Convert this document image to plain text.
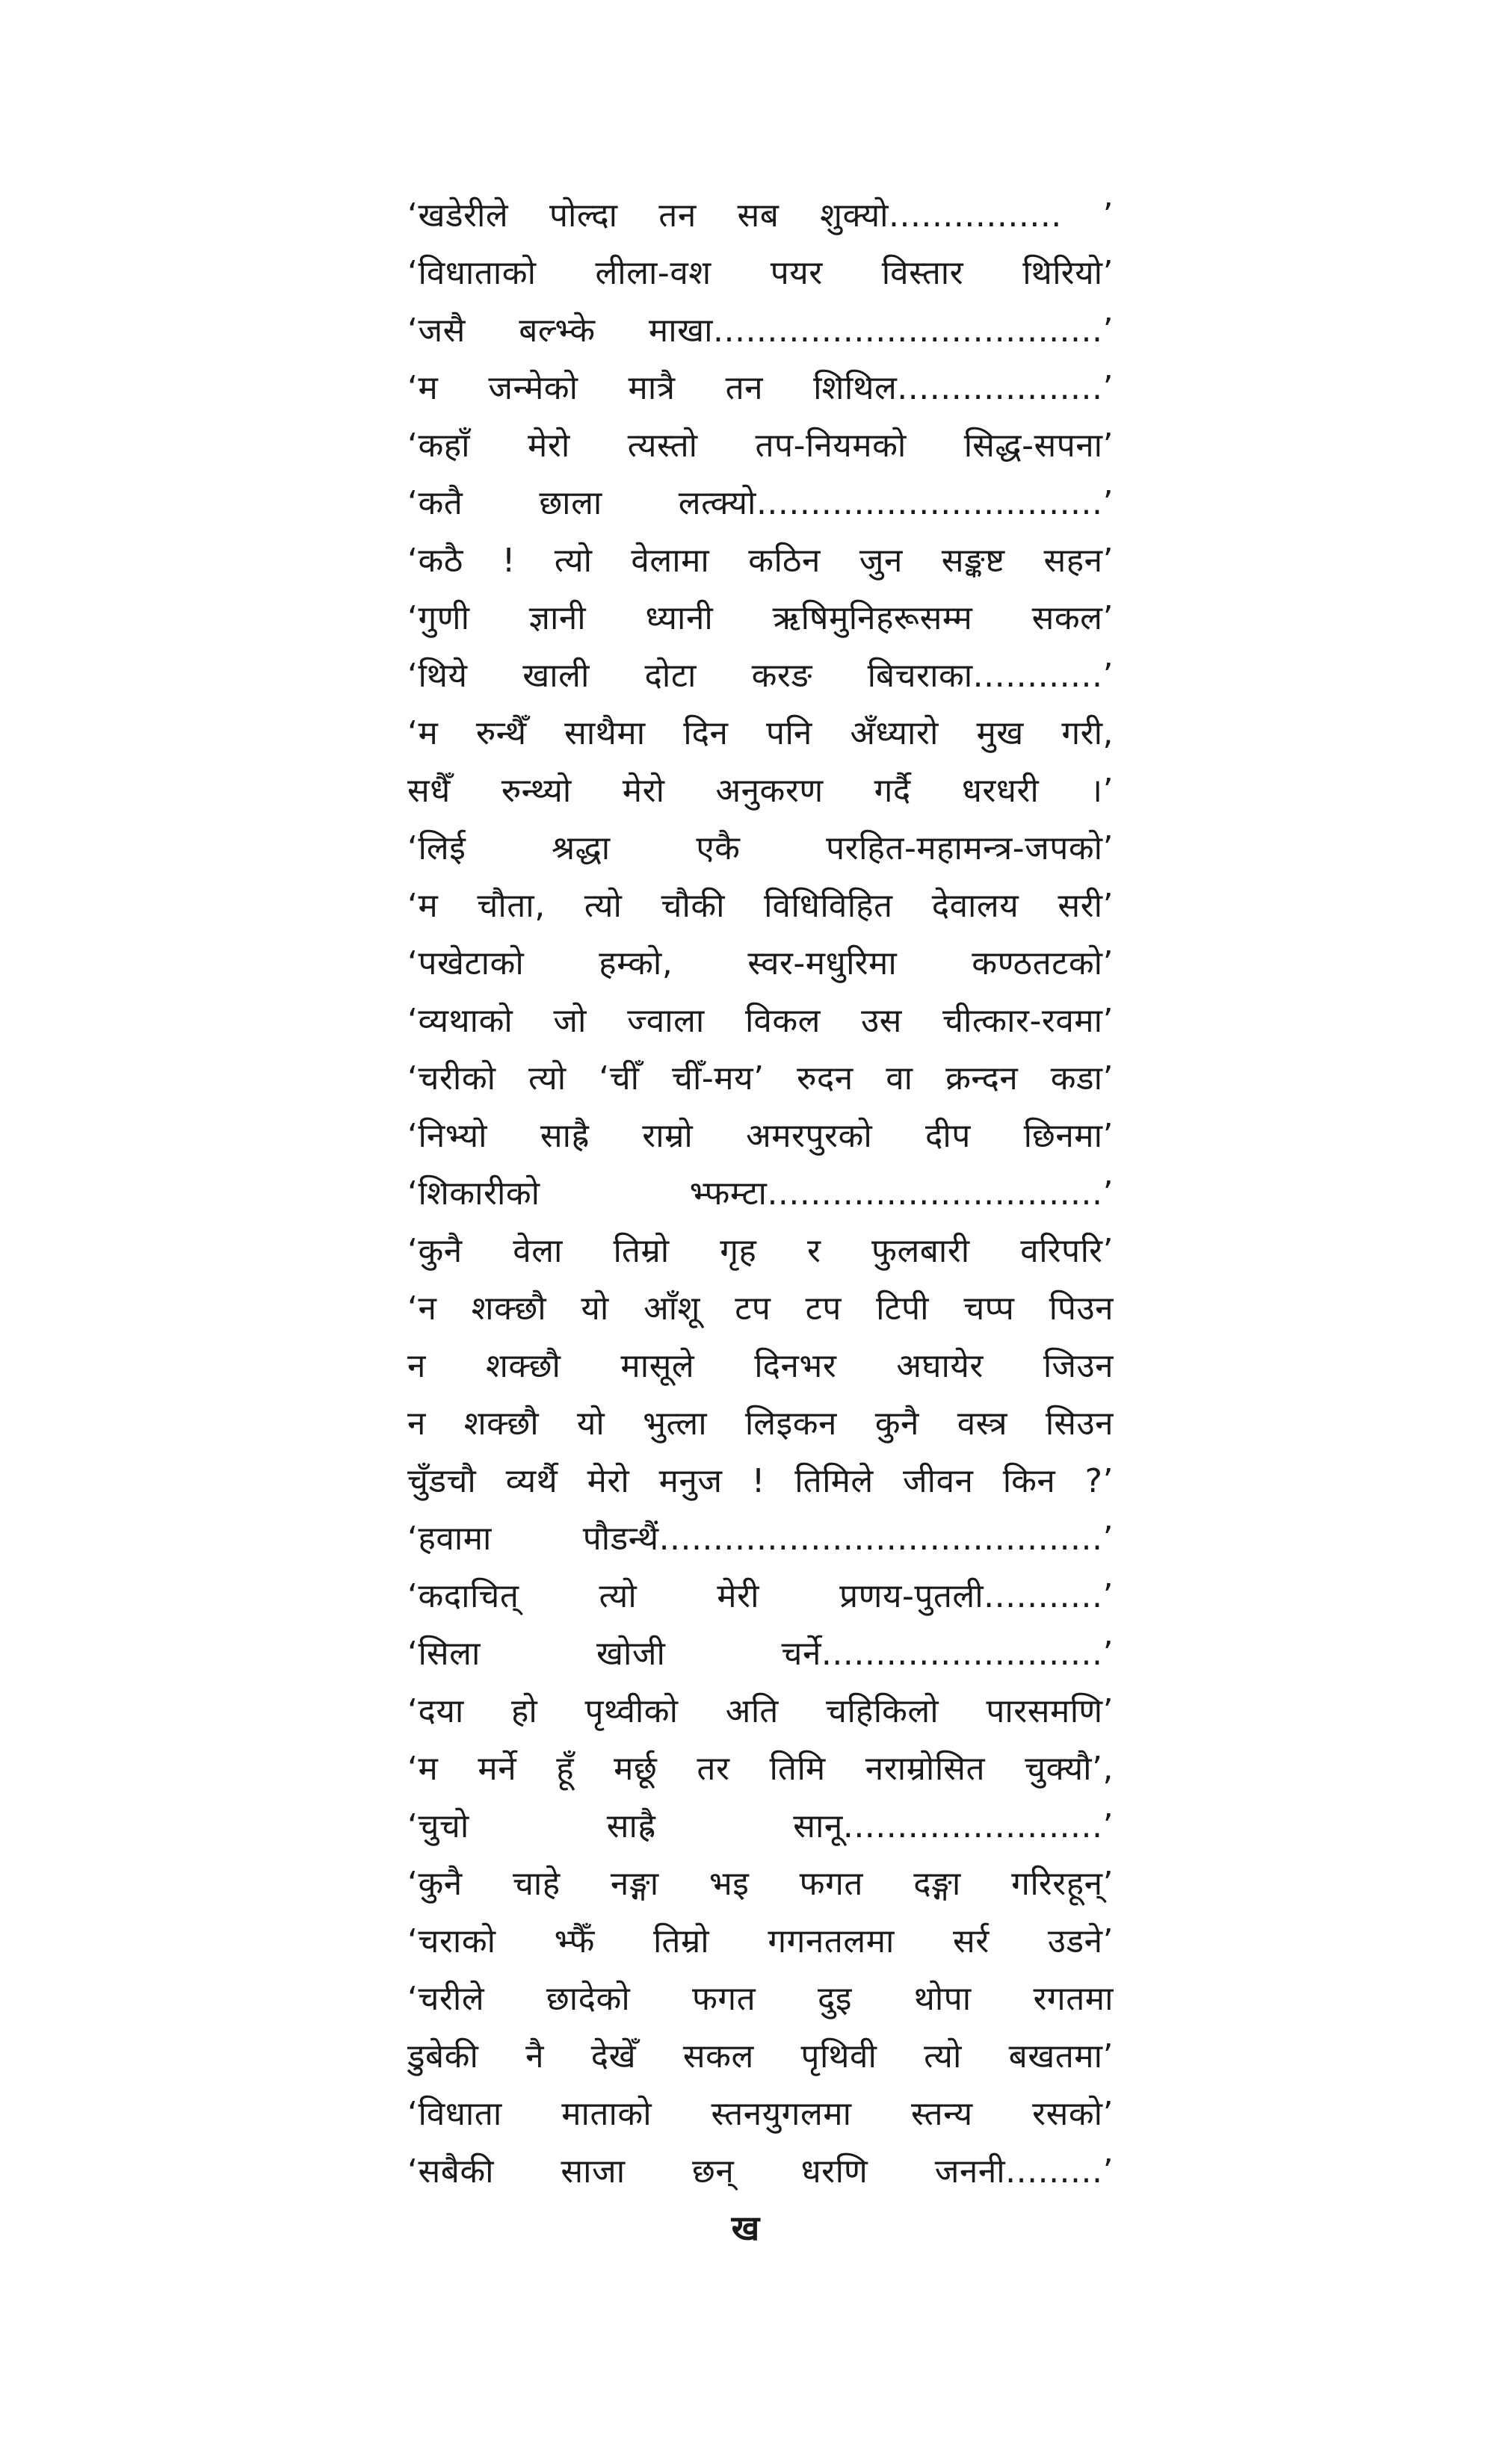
‘खडेरीले पोल्दा तन सब शुक्यो................ ’
‘विधाताको लीला-वश पयर विस्तार थिरियो’
‘जसै बल्भ्के माखा....................................’
‘म जन्मेको मात्रै तन शिथिल...................’
‘कहाँ मेरो त्यस्तो तप-नियमको सिद्ध-सपना’
‘कतै छाला लत्क्यो................................’
‘कठै ! त्यो वेलामा कठिन जुन सङ्कष्ट सहन’
‘गुणी ज्ञानी ध्यानी ऋषिमुनिहरूसम्म सकल’
‘थिये खाली दोटा करङ बिचराका............’
‘म रुन्थैँ साथैमा दिन पनि अँध्यारो मुख गरी,
सधैँ रुन्थ्यो मेरो अनुकरण गर्दै धरधरी ।’
‘लिई श्रद्धा एकै परहित-महामन्त्र-जपको’
‘म चौता, त्यो चौकी विधिविहित देवालय सरी’
‘पखेटाको हम्को, स्वर-मधुरिमा कण्ठतटको’
‘व्यथाको जो ज्वाला विकल उस चीत्कार-रवमा’
‘चरीको त्यो ‘चीँ चीँ-मय’ रुदन वा क्रन्दन कडा’
‘निभ्यो साह्रै राम्रो अमरपुरको दीप छिनमा’
‘शिकारीको भ्फम्टा...............................’
‘कुनै वेला तिम्रो गृह र फुलबारी वरिपरि’
‘न शक्छौ यो आँशू टप टप टिपी चप्प पिउन
न शक्छौ मासूले दिनभर अघायेर जिउन
न शक्छौ यो भुत्ला लिइकन कुनै वस्त्र सिउन
चुँडचौ व्यर्थै मेरो मनुज ! तिमिले जीवन किन ?’
‘हवामा पौडन्थैं.........................................’
‘कदाचित् त्यो मेरी प्रणय-पुतली...........’
‘सिला खोजी चर्ने..........................’
‘दया हो पृथ्वीको अति चहिकिलो पारसमणि’
‘म मर्ने हूँ मर्छू तर तिमि नराम्रोसित चुक्यौ’,
‘चुचो साह्रै सानू........................’
‘कुनै चाहे नङ्गा भइ फगत दङ्गा गरिरहून्’
‘चराको भ्फैँ तिम्रो गगनतलमा सर्र उडने’
‘चरीले छादेको फगत दुइ थोपा रगतमा
डुबेकी नै देखेँ सकल पृथिवी त्यो बखतमा’
‘विधाता माताको स्तनयुगलमा स्तन्य रसको’
‘सबैकी साजा छन् धरणि जननी.........’
ख
